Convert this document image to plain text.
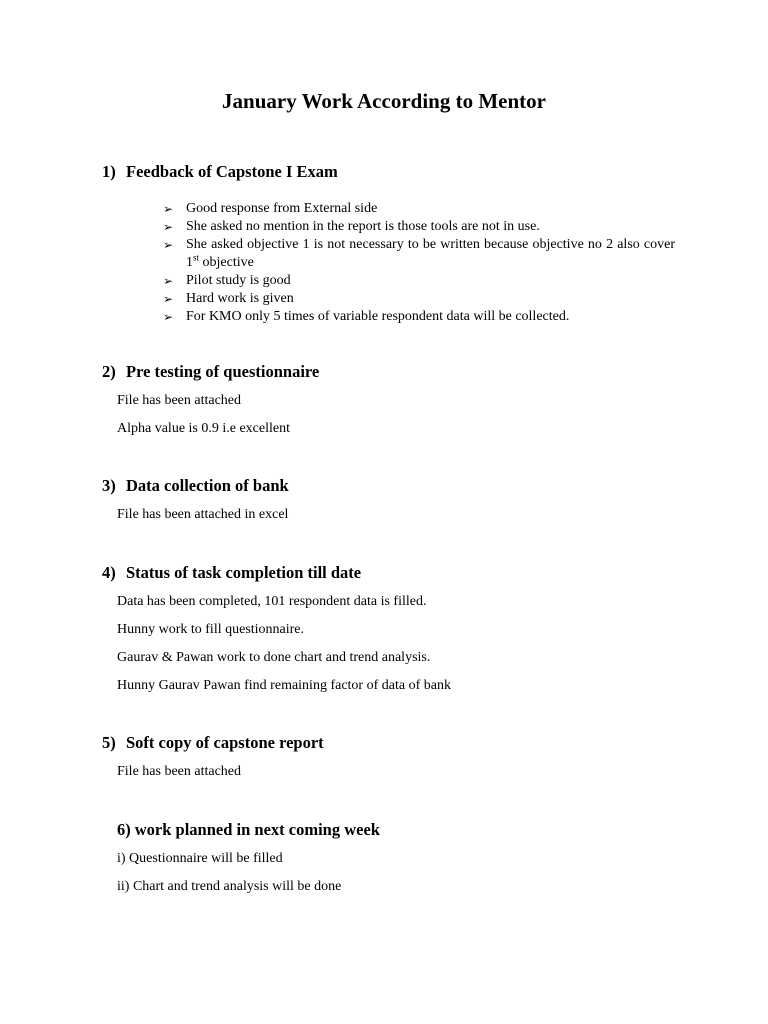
January Work According to Mentor
1) Feedback of Capstone I Exam
➢ Good response from External side
➢ She asked no mention in the report is those tools are not in use.
➢ She asked objective 1 is not necessary to be written because objective no 2 also cover 1st objective
➢ Pilot study is good
➢ Hard work is given
➢ For KMO only 5 times of variable respondent data will be collected.
2) Pre testing of questionnaire

File has been attached

Alpha value is 0.9 i.e excellent

3) Data collection of bank

File has been attached in excel

4) Status of task completion till date

Data has been completed, 101 respondent data is filled.

Hunny work to fill questionnaire.

Gaurav & Pawan work to done chart and trend analysis.

Hunny Gaurav Pawan find remaining factor of data of bank

5) Soft copy of capstone report

File has been attached

6) work planned in next coming week

i) Questionnaire will be filled

ii) Chart and trend analysis will be done
